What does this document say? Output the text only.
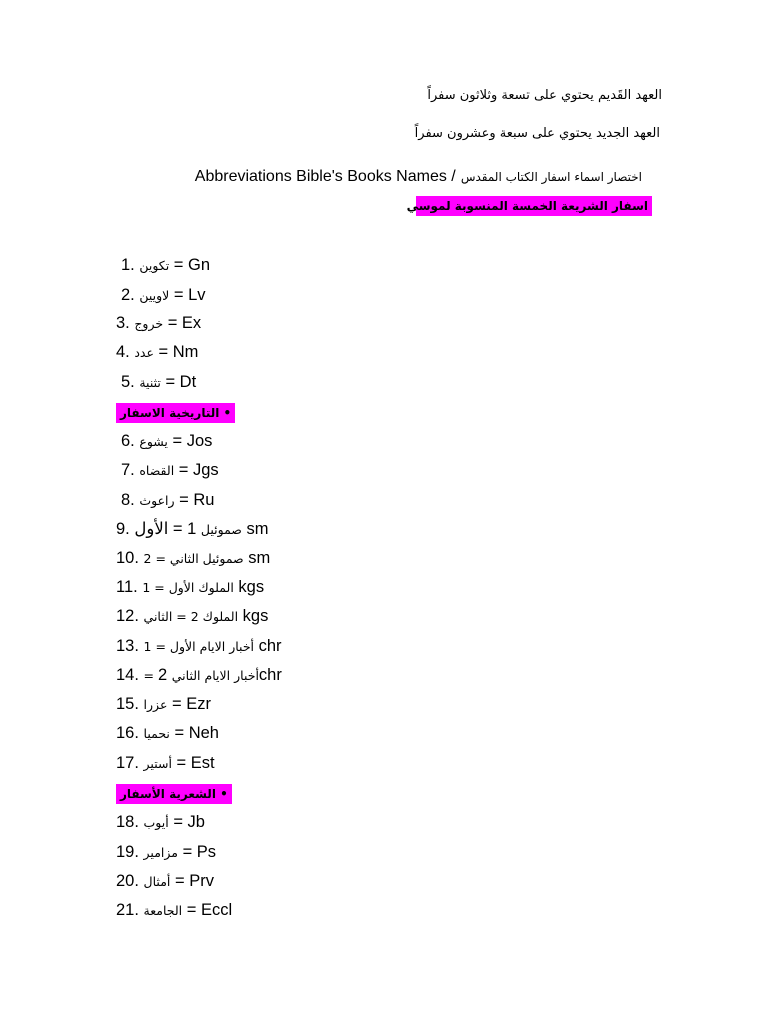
العهد القَديم يحتوي على تسعة وثلاثون سفراً
العهد الجديد يحتوي على سبعة وعشرون سفراً
Abbreviations Bible's Books Names / اختصار اسماء اسفار الكتاب المقدس
اسفار الشريعة الخمسة المنسوبة لموسي
1. تكوين = Gn
2. لاويين = Lv
3. خروج = Ex
4. عدد = Nm
5. تثنية = Dt
• التاريخية الاسفار
6. يشوع = Jos
7. القضاه = Jgs
8. راعوث = Ru
9.	صموئيل 1 = الأول sm
10. 2 = صموئيل الثاني sm
11. 1 = الملوك الأول kgs
12. الملوك 2 = الثاني kgs
13. 1 = أخبار الايام الأول chr
14. = أخبار الايام الثاني 2chr
15. عزرا = Ezr
16. نحميا = Neh
17. أستير = Est
• الشعرية الأسفار
18. أيوب = Jb
19. مزامير = Ps
20. أمثال = Prv
21. الجامعة = Eccl
